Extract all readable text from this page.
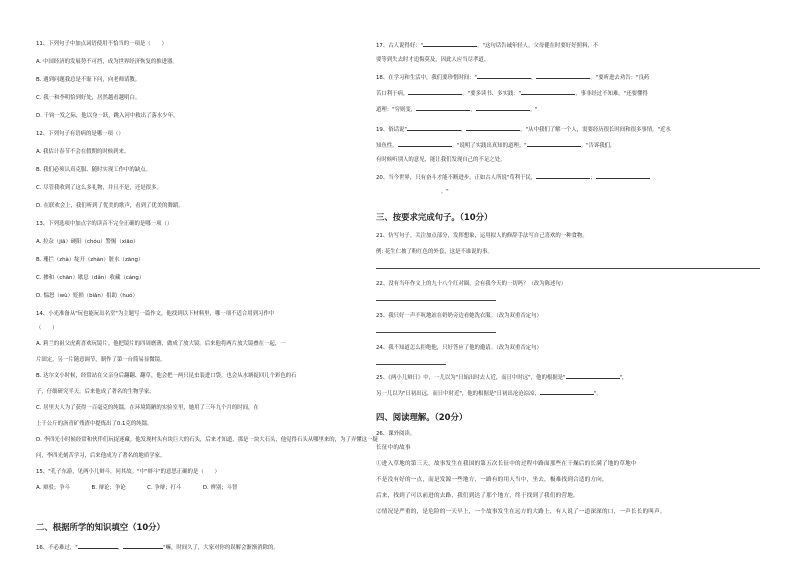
11、下列句子中加点词语使用不恰当的一项是（　　）
A. 中国经济的发展势不可挡，成为世界经济恢复的推进器。
B. 遇到问题我总是不耻下问，向老师请教。
C. 我一和李明恰到好处，居然越看越明白。
D. 千钧一发之际，他以身一跃，跳入河中救出了落水少年。
12、下列句子有语病的是哪一项（）
A. 我估计春节不会在假期的时候到来。
B. 我们必须认真克服、随时实现工作中的缺点。
C. 尽管我收到了这么多礼物，并且不是，还是很多。
D. 在联欢会上，我们听到了优美的歌声，看到了优美的舞蹈。
13、下列选项中加点字的读音不完全正确的是哪一项（）
A. 拉杂（jiā）硬阳（chóu）警惕（xiāo）
B. 珊拦（zhà）绽开（zhàn）脏水（zāng）
C. 掺和（chān）歇息（dǎn）收藏（cáng）
D. 愠怒（wù）贬损（biǎn）捐助（huó）
14、小光准备从"玩也能玩出名堂"为主题写一篇作文，他找到以下材料里，哪一项不适合用到习作中
（　　）
A. 莉兰的祖父虎莉喜欢玩镜片。他把镜片的四周磨薄，做成了放大镜。后来他将两片放大镜叠在一起，一
片固定，另一片随意调节，制作了第一台简易显微镜。
B. 达尔文小时候，经常站在父亲身后翻翻、翻草，他会把一两只昆虫装进口袋。也会从水塘捉回几个彩色的石
子，仔细研究半天。后来他成了著名的生物学家。
C. 居里夫人为了获得一百毫克的纯镭，在环境简陋的实验室里，她用了三年九个月的时间，在
上千公斤的沥青矿残渣中提炼出了0.1克的纯镭。
D. 李四光小时候经常和伙伴们玩捉迷藏。他发现村头有块巨大的石头，后来才知道，那是一块大石头，他觉得石头从哪里来的，为了弄懂这一疑
问，李四光刻苦学习，后来他成为了著名的地质学家。
15、"孔子东游，见两小儿辩斗，问其故。"中"辩斗"的意思正确的是（　　）
A. 辩驳；争斗　　　　B. 辩论；争论　　　　C. 争辩；打斗　　　　D. 辨别；斗智
二、根据所学的知识填空（10分）
16、不必难过，"	，	"嘛，时间久了，大家对你的误解会渐渐消除的。
17、古人说得好："	。"这句话告诫年轻人，父母健在时要好好照料，不
要等到失去时才追悔莫及，因此人应当尽孝道。
18、在学习和生活中，我们要珍惜时间："	，	。"要听进去劝告："良药
苦口利于病，	。"要多读书、多实践："	，事非经过不知难。"还要懂得
道理："穷则变，	，	。"
19、俗话说"	，	。"从中我们了解一个人，需要经历很长时间和很多事情。"近水
知鱼性，	。"说明了实践出真知的道理；"	。"告诉我们，
有时候听别人的意见，能让我们发现自己的不足之处。
20、当今世界，只有奋斗才能不断进步，正如古人所说"苟利于民，	；
　　　　　　　　　　　　。"
三、按要求完成句子。（10分）
21、仿写句子。关注加点部分，发挥想象，运用拟人的修辞手法写自己喜欢的一种食物。
例: 花生仁披了粉红色的外套，这是不谁说的事。
22、没有当年作文上的九十八个红对圈，会有我今天的一切吗？（改为陈述句）
23、我只好一声不吭地站在奶奶旁边看她洗衣服。（改为双重否定句）
24、我不知道怎么拒绝他，只好答应了他的邀请。（改为双重否定句）
25、《两小儿辩日》中，一儿以为"日始出时去人近，而日中时远"，他的根据是"	"，
另一儿以为"日初出远，而日中时近"，他的根据是"日初出沧沧凉凉，	"。
四、阅读理解。（20分）
26、课外阅读。
长征中的故事
①进入草地的第三天，故事发生在我国的第五次长征中的过程中路面那些在干燥后的长满了地的草地中
不是没有好的一点，而是发源一些地方，一路有的用人当中，坐去，极难找到合适的方向，
后来，找到了可以前进的去路，我们到达了那个地方，终于找到了我们的营地。
②情况是严重的，是危险的一天早上，一个故事发生在远方的大路上，有人说了一道深深的口，一声长长的叫声。
